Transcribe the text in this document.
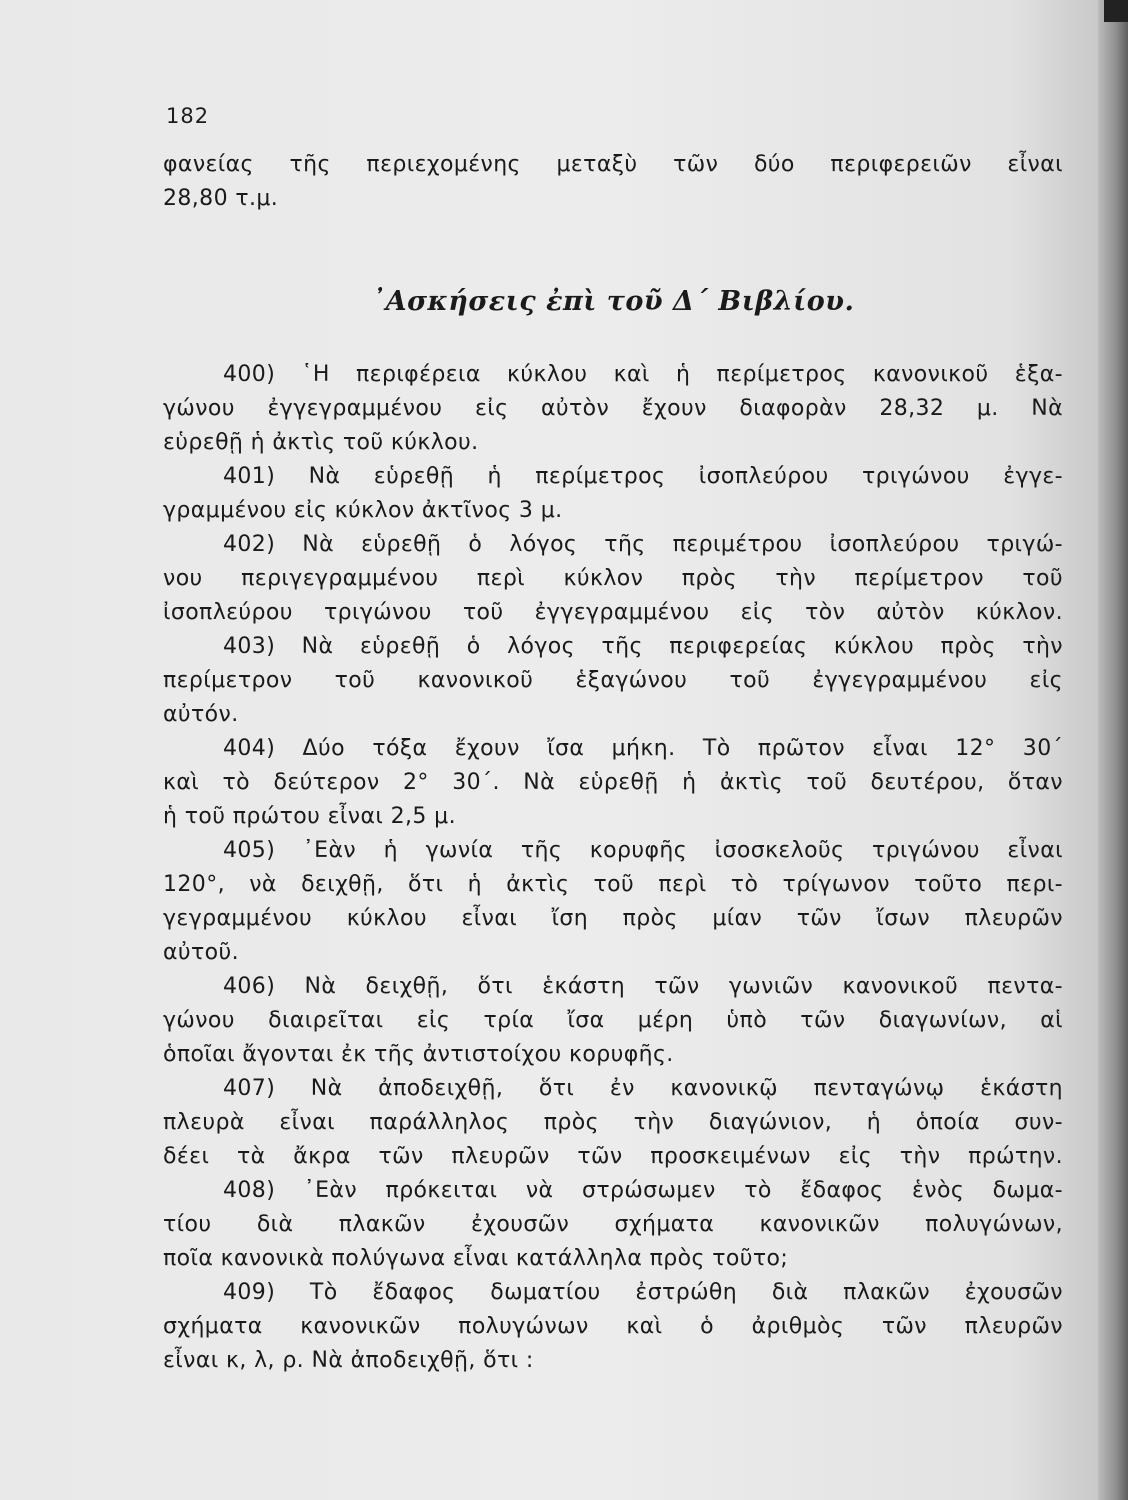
182
φανείας τῆς περιεχομένης μεταξὺ τῶν δύο περιφερειῶν εἶναι
28,80 τ.μ.
᾿Ασκήσεις ἐπὶ τοῦ Δ΄ Βιβλίου.
400) ῾Η περιφέρεια κύκλου καὶ ἡ περίμετρος κανονικοῦ ἑξα-
γώνου ἐγγεγραμμένου εἰς αὐτὸν ἔχουν διαφορὰν 28,32 μ. Νὰ
εὑρεθῇ ἡ ἀκτὶς τοῦ κύκλου.
401) Νὰ εὑρεθῇ ἡ περίμετρος ἰσοπλεύρου τριγώνου ἐγγε-
γραμμένου εἰς κύκλον ἀκτῖνος 3 μ.
402) Νὰ εὑρεθῇ ὁ λόγος τῆς περιμέτρου ἰσοπλεύρου τριγώ-
νου περιγεγραμμένου περὶ κύκλον πρὸς τὴν περίμετρον τοῦ
ἰσοπλεύρου τριγώνου τοῦ ἐγγεγραμμένου εἰς τὸν αὐτὸν κύκλον.
403) Νὰ εὑρεθῇ ὁ λόγος τῆς περιφερείας κύκλου πρὸς τὴν
περίμετρον τοῦ κανονικοῦ ἑξαγώνου τοῦ ἐγγεγραμμένου εἰς
αὐτόν.
404) Δύο τόξα ἔχουν ἴσα μήκη. Τὸ πρῶτον εἶναι 12° 30΄
καὶ τὸ δεύτερον 2° 30΄. Νὰ εὑρεθῇ ἡ ἀκτὶς τοῦ δευτέρου, ὅταν
ἡ τοῦ πρώτου εἶναι 2,5 μ.
405) ᾿Εὰν ἡ γωνία τῆς κορυφῆς ἰσοσκελοῦς τριγώνου εἶναι
120°, νὰ δειχθῇ, ὅτι ἡ ἀκτὶς τοῦ περὶ τὸ τρίγωνον τοῦτο περι-
γεγραμμένου κύκλου εἶναι ἴση πρὸς μίαν τῶν ἴσων πλευρῶν
αὐτοῦ.
406) Νὰ δειχθῇ, ὅτι ἑκάστη τῶν γωνιῶν κανονικοῦ πεντα-
γώνου διαιρεῖται εἰς τρία ἴσα μέρη ὑπὸ τῶν διαγωνίων, αἱ
ὁποῖαι ἄγονται ἐκ τῆς ἀντιστοίχου κορυφῆς.
407) Νὰ ἀποδειχθῇ, ὅτι ἐν κανονικῷ πενταγώνῳ ἑκάστη
πλευρὰ εἶναι παράλληλος πρὸς τὴν διαγώνιον, ἡ ὁποία συν-
δέει τὰ ἄκρα τῶν πλευρῶν τῶν προσκειμένων εἰς τὴν πρώτην.
408) ᾿Εὰν πρόκειται νὰ στρώσωμεν τὸ ἔδαφος ἑνὸς δωμα-
τίου διὰ πλακῶν ἐχουσῶν σχήματα κανονικῶν πολυγώνων,
ποῖα κανονικὰ πολύγωνα εἶναι κατάλληλα πρὸς τοῦτο;
409) Τὸ ἔδαφος δωματίου ἐστρώθη διὰ πλακῶν ἐχουσῶν
σχήματα κανονικῶν πολυγώνων καὶ ὁ ἀριθμὸς τῶν πλευρῶν
εἶναι κ, λ, ρ. Νὰ ἀποδειχθῇ, ὅτι :
